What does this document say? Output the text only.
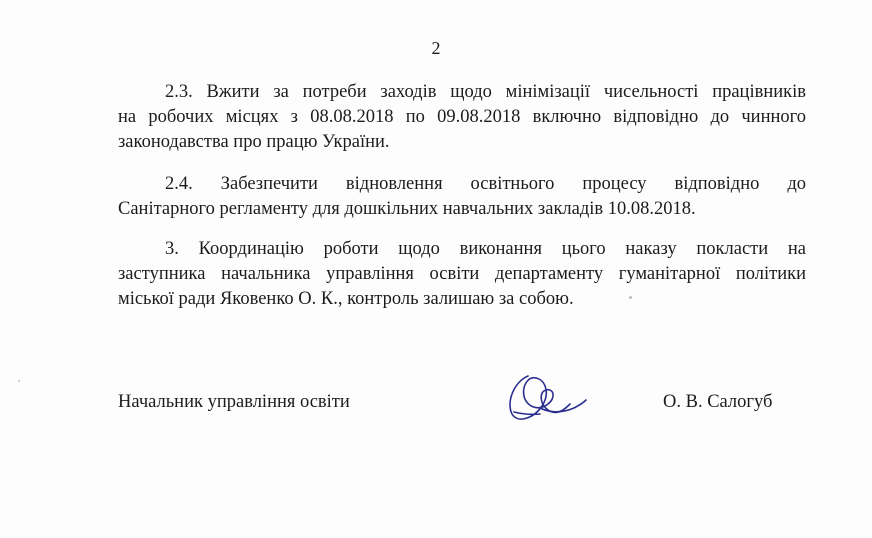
2
2.3. Вжити за потреби заходів щодо мінімізації чисельності працівників
на робочих місцях з 08.08.2018 по 09.08.2018 включно відповідно до чинного
законодавства про працю України.
2.4. Забезпечити відновлення освітнього процесу відповідно до
Санітарного регламенту для дошкільних навчальних закладів 10.08.2018.
3. Координацію роботи щодо виконання цього наказу покласти на
заступника начальника управління освіти департаменту гуманітарної політики
міської ради Яковенко О. К., контроль залишаю за собою.
Начальник управління освіти	О. В. Салогуб
